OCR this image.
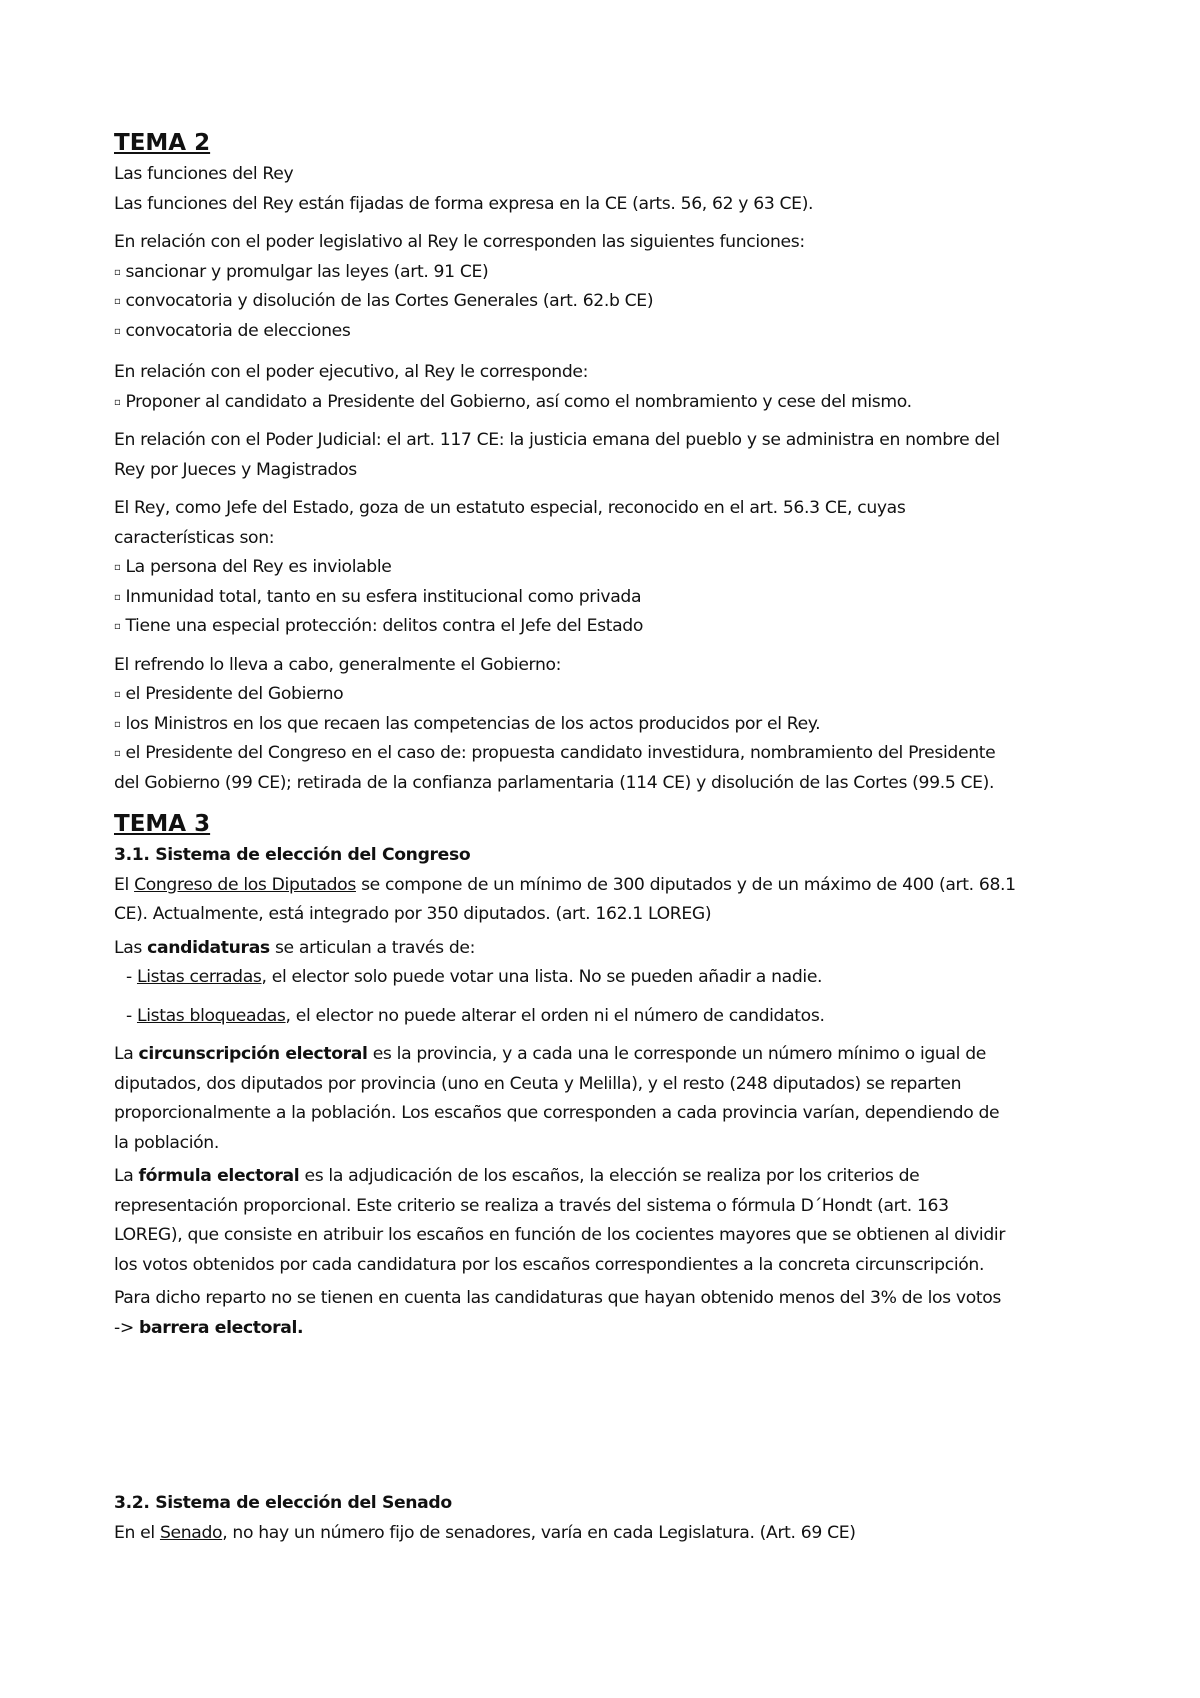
TEMA 2

Las funciones del Rey

Las funciones del Rey están fijadas de forma expresa en la CE (arts. 56, 62 y 63 CE).

En relación con el poder legislativo al Rey le corresponden las siguientes funciones:

▫ sancionar y promulgar las leyes (art. 91 CE)

▫ convocatoria y disolución de las Cortes Generales (art. 62.b CE)

▫ convocatoria de elecciones

En relación con el poder ejecutivo, al Rey le corresponde:

▫ Proponer al candidato a Presidente del Gobierno, así como el nombramiento y cese del mismo.

En relación con el Poder Judicial: el art. 117 CE: la justicia emana del pueblo y se administra en nombre del

Rey por Jueces y Magistrados

El Rey, como Jefe del Estado, goza de un estatuto especial, reconocido en el art. 56.3 CE, cuyas

características son:

▫ La persona del Rey es inviolable

▫ Inmunidad total, tanto en su esfera institucional como privada

▫ Tiene una especial protección: delitos contra el Jefe del Estado

El refrendo lo lleva a cabo, generalmente el Gobierno:

▫ el Presidente del Gobierno

▫ los Ministros en los que recaen las competencias de los actos producidos por el Rey.

▫ el Presidente del Congreso en el caso de: propuesta candidato investidura, nombramiento del Presidente

del Gobierno (99 CE); retirada de la confianza parlamentaria (114 CE) y disolución de las Cortes (99.5 CE).

TEMA 3

3.1. Sistema de elección del Congreso

El Congreso de los Diputados se compone de un mínimo de 300 diputados y de un máximo de 400 (art. 68.1

CE). Actualmente, está integrado por 350 diputados. (art. 162.1 LOREG)

Las candidaturas se articulan a través de:

- Listas cerradas, el elector solo puede votar una lista. No se pueden añadir a nadie.

- Listas bloqueadas, el elector no puede alterar el orden ni el número de candidatos.

La circunscripción electoral es la provincia, y a cada una le corresponde un número mínimo o igual de

diputados, dos diputados por provincia (uno en Ceuta y Melilla), y el resto (248 diputados) se reparten

proporcionalmente a la población. Los escaños que corresponden a cada provincia varían, dependiendo de

la población.

La fórmula electoral es la adjudicación de los escaños, la elección se realiza por los criterios de

representación proporcional. Este criterio se realiza a través del sistema o fórmula D´Hondt (art. 163

LOREG), que consiste en atribuir los escaños en función de los cocientes mayores que se obtienen al dividir

los votos obtenidos por cada candidatura por los escaños correspondientes a la concreta circunscripción.

Para dicho reparto no se tienen en cuenta las candidaturas que hayan obtenido menos del 3% de los votos

-> barrera electoral.

3.2. Sistema de elección del Senado

En el Senado, no hay un número fijo de senadores, varía en cada Legislatura. (Art. 69 CE)
